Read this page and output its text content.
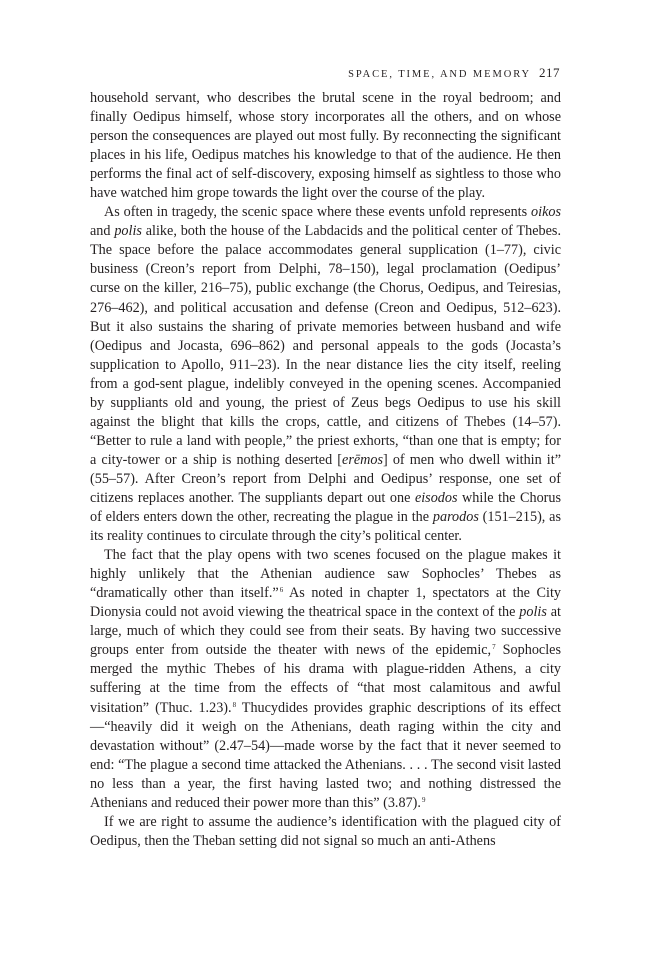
SPACE, TIME, AND MEMORY 217

household servant, who describes the brutal scene in the royal bedroom; and finally Oedipus himself, whose story incorporates all the others, and on whose person the consequences are played out most fully. By reconnecting the significant places in his life, Oedipus matches his knowledge to that of the audience. He then performs the final act of self-discovery, exposing himself as sightless to those who have watched him grope towards the light over the course of the play.

As often in tragedy, the scenic space where these events unfold represents oikos and polis alike, both the house of the Labdacids and the political center of Thebes. The space before the palace accommodates general supplication (1–77), civic business (Creon’s report from Delphi, 78–150), legal proclamation (Oedipus’ curse on the killer, 216–75), public exchange (the Chorus, Oedipus, and Teiresias, 276–462), and political accusation and defense (Creon and Oedipus, 512–623). But it also sustains the sharing of private memories between husband and wife (Oedipus and Jocasta, 696–862) and personal appeals to the gods (Jocasta’s supplication to Apollo, 911–23). In the near distance lies the city itself, reeling from a god-sent plague, indelibly conveyed in the opening scenes. Accompanied by suppliants old and young, the priest of Zeus begs Oedipus to use his skill against the blight that kills the crops, cattle, and citizens of Thebes (14–57). “Better to rule a land with people,” the priest exhorts, “than one that is empty; for a city-tower or a ship is nothing deserted [erēmos] of men who dwell within it” (55–57). After Creon’s report from Delphi and Oedipus’ response, one set of citizens replaces another. The suppliants depart out one eisodos while the Chorus of elders enters down the other, recreating the plague in the parodos (151–215), as its reality continues to circulate through the city’s political center.

The fact that the play opens with two scenes focused on the plague makes it highly unlikely that the Athenian audience saw Sophocles’ Thebes as “dramatically other than itself.”$^6$ As noted in chapter 1, spectators at the City Dionysia could not avoid viewing the theatrical space in the context of the polis at large, much of which they could see from their seats. By having two successive groups enter from outside the theater with news of the epidemic,$^7$ Sophocles merged the mythic Thebes of his drama with plague-ridden Athens, a city suffering at the time from the effects of “that most calamitous and awful visitation” (Thuc. 1.23).$^8$ Thucydides provides graphic descriptions of its effect—“heavily did it weigh on the Athenians, death raging within the city and devastation without” (2.47–54)—made worse by the fact that it never seemed to end: “The plague a second time attacked the Athenians. . . . The second visit lasted no less than a year, the first having lasted two; and nothing distressed the Athenians and reduced their power more than this” (3.87).$^9$

If we are right to assume the audience’s identification with the plagued city of Oedipus, then the Theban setting did not signal so much an anti-Athens
